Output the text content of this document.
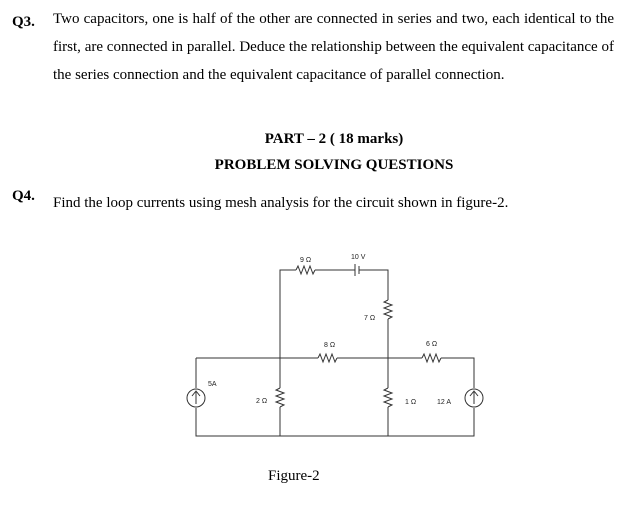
Q3. Two capacitors, one is half of the other are connected in series and two, each identical to the first, are connected in parallel. Deduce the relationship between the equivalent capacitance of the series connection and the equivalent capacitance of parallel connection.

PART – 2 ( 18 marks)
PROBLEM SOLVING QUESTIONS
Q4. Find the loop currents using mesh analysis for the circuit shown in figure-2.
9 Ω	10 V
7 Ω
8 Ω	6 Ω
5A
2 Ω	1 Ω	12 A
Figure-2
